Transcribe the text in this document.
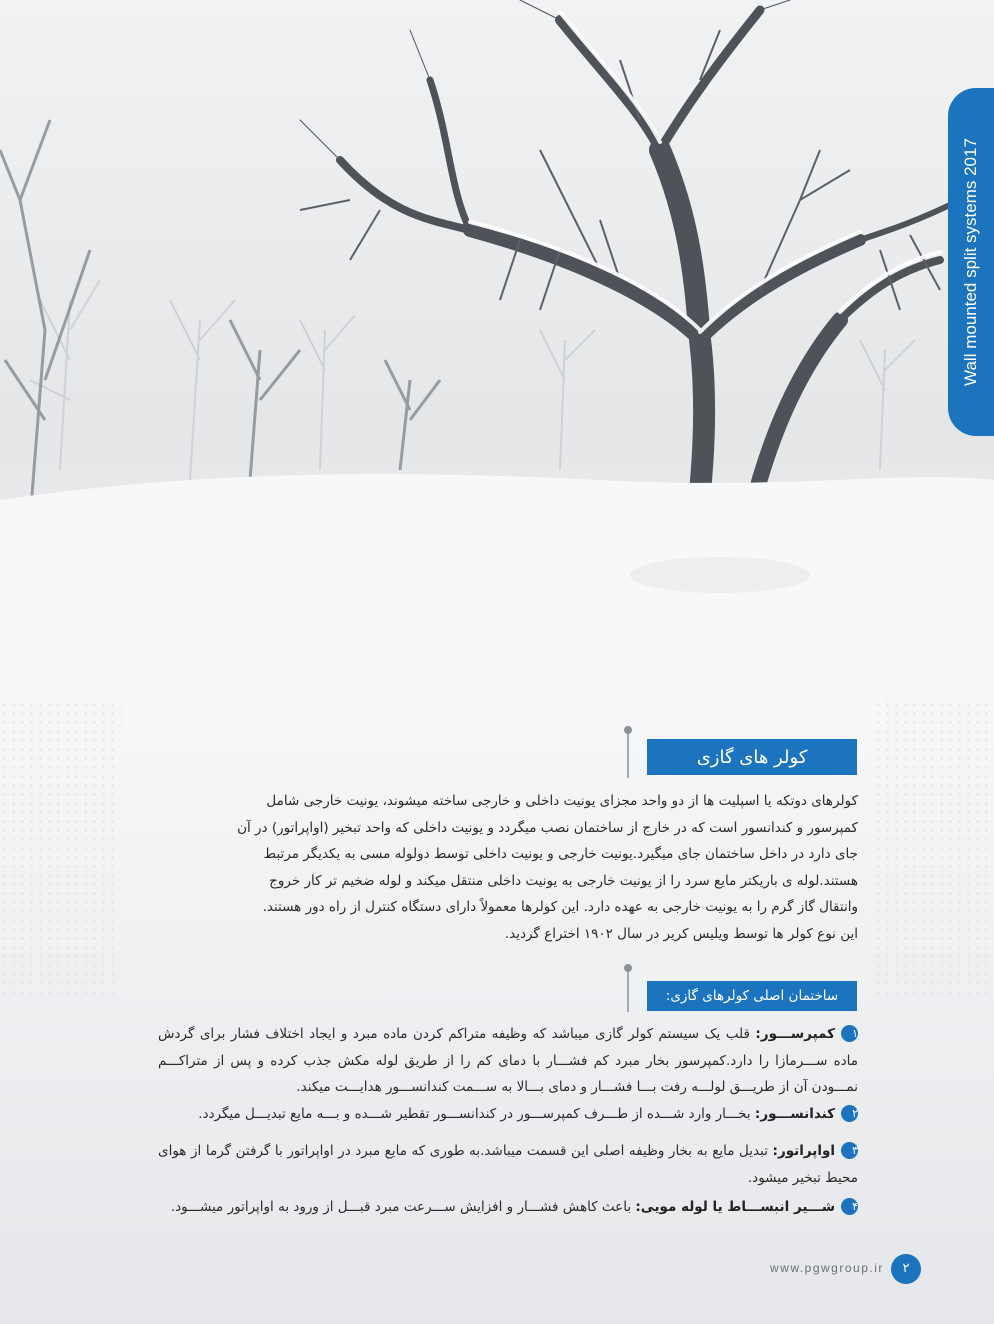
Wall mounted split systems 2017
کولر های گازی
کولرهای دوتکه یا اسپلیت ها از دو واحد مجزای یونیت داخلی و خارجی ساخته میشوند، یونیت خارجی شامل
کمپرسور و کندانسور است که در خارج از ساختمان نصب میگردد و یونیت داخلی که واحد تبخیر (اواپراتور) در آن
جای دارد در داخل ساختمان جای میگیرد.یونیت خارجی و یونیت داخلی توسط دولوله مسی به یکدیگر مرتبط
هستند.لوله ی باریکتر مایع سرد را از یونیت خارجی به یونیت داخلی منتقل میکند و لوله ضخیم تر کار خروج
وانتقال گاز گرم را به یونیت خارجی به عهده دارد. این کولرها معمولاً دارای دستگاه کنترل از راه دور هستند.
این نوع کولر ها توسط ویلیس کریر در سال ۱۹۰۲ اختراع گردید.
ساختمان اصلی کولرهای گازی:
۱کمپرســـور: قلب یک سیستم کولر گازی میباشد که وظیفه متراکم کردن ماده مبرد و ایجاد اختلاف فشار برای گردش ماده ســـرمازا را دارد.کمپرسور بخار مبرد کم فشـــار با دمای کم را از طریق لوله مکش جذب کرده و پس از متراکـــم نمـــودن آن از طریـــق لولـــه رفت بـــا فشـــار و دمای بـــالا به ســـمت کندانســـور هدایـــت میکند.
۲کندانســـور: بخـــار وارد شـــده از طـــرف کمپرســـور در کندانســـور تقطیر شـــده و بـــه مایع تبدیـــل میگردد.
۳اواپراتور: تبدیل مایع به بخار وظیفه اصلی این قسمت میباشد.به طوری که مایع مبرد در اواپراتور با گرفتن گرما از هوای محیط تبخیر میشود.
۴شـــیر انبســـاط یا لوله مویی: باعث کاهش فشـــار و افزایش ســـرعت مبرد قبـــل از ورود به اواپراتور میشـــود.
www.pgwgroup.ir	۲
